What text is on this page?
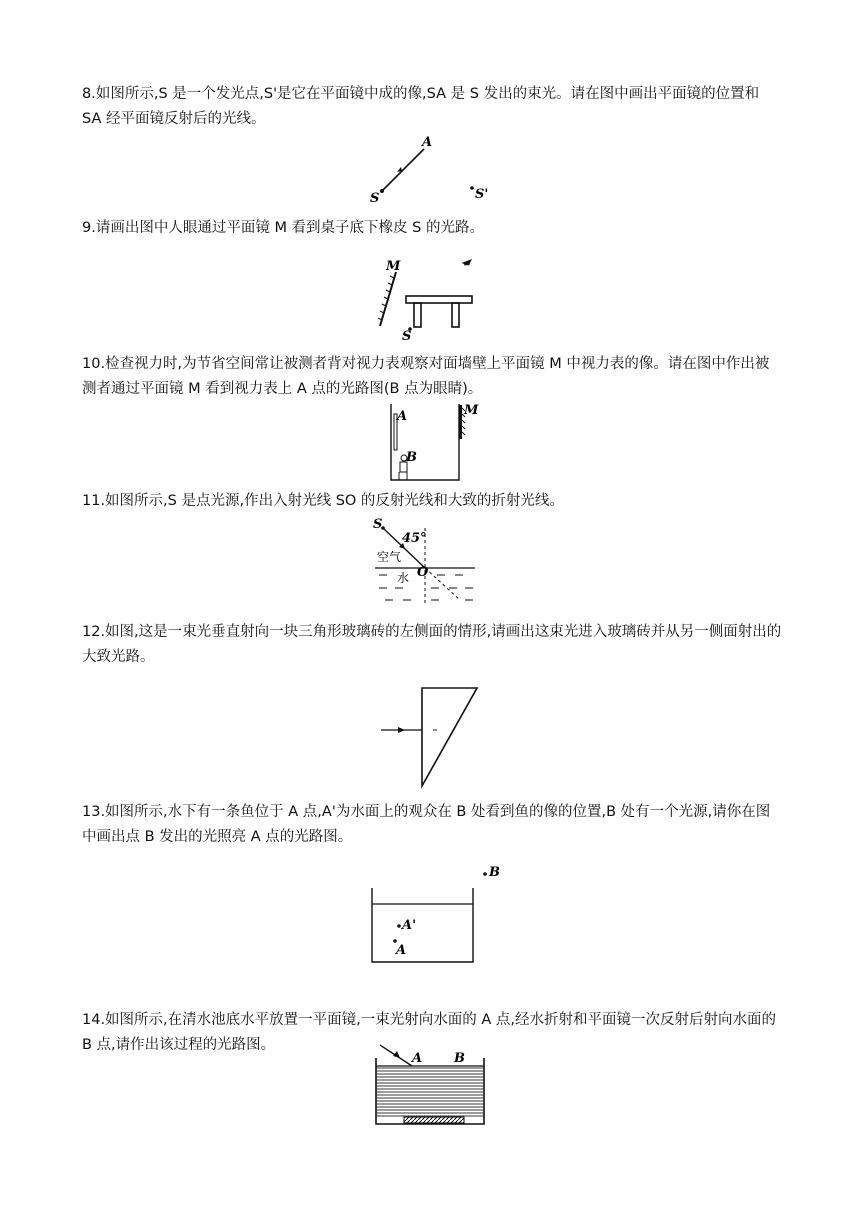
8.如图所示,S 是一个发光点,S'是它在平面镜中成的像,SA 是 S 发出的束光。请在图中画出平面镜的位置和 SA 经平面镜反射后的光线。

9.请画出图中人眼通过平面镜 M 看到桌子底下橡皮 S 的光路。

10.检查视力时,为节省空间常让被测者背对视力表观察对面墙壁上平面镜 M 中视力表的像。请在图中作出被测者通过平面镜 M 看到视力表上 A 点的光路图(B 点为眼睛)。

11.如图所示,S 是点光源,作出入射光线 SO 的反射光线和大致的折射光线。

12.如图,这是一束光垂直射向一块三角形玻璃砖的左侧面的情形,请画出这束光进入玻璃砖并从另一侧面射出的大致光路。

13.如图所示,水下有一条鱼位于 A 点,A'为水面上的观众在 B 处看到鱼的像的位置,B 处有一个光源,请你在图中画出点 B 发出的光照亮 A 点的光路图。

14.如图所示,在清水池底水平放置一平面镜,一束光射向水面的 A 点,经水折射和平面镜一次反射后射向水面的 B 点,请作出该过程的光路图。

A
S	S'
M
S
A	M
B
S
45°
空气
O
水
B
A'
A
A B
